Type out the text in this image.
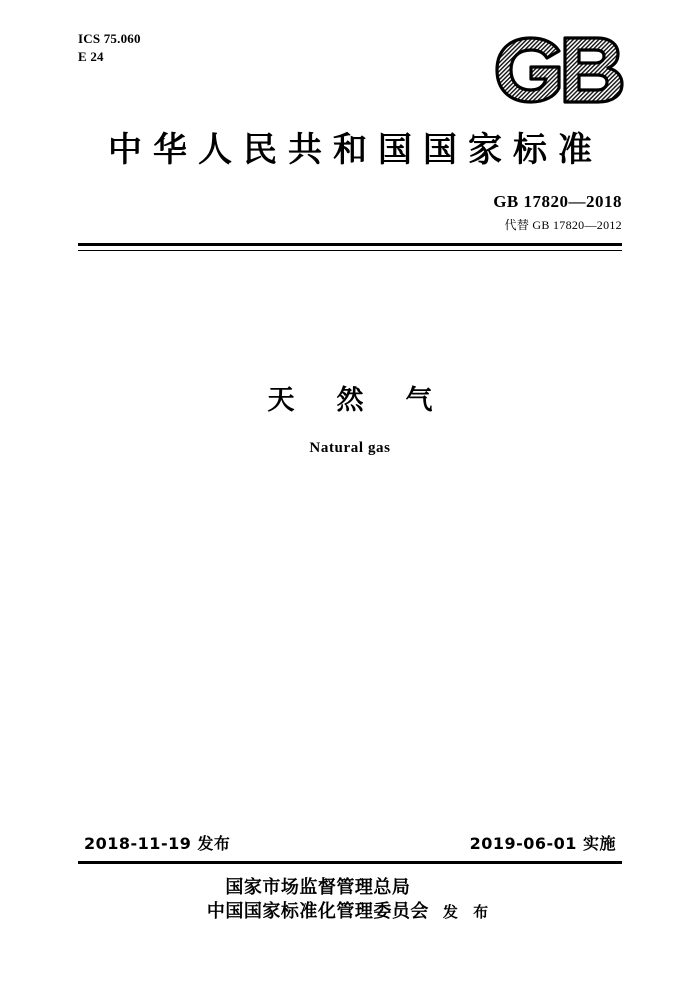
ICS 75.060
E 24
中华人民共和国国家标准
GB 17820—2018
代替 GB 17820—2012
天然气
Natural gas
2018-11-19 发布	2019-06-01 实施
国家市场监督管理总局
中国国家标准化管理委员会 发 布
